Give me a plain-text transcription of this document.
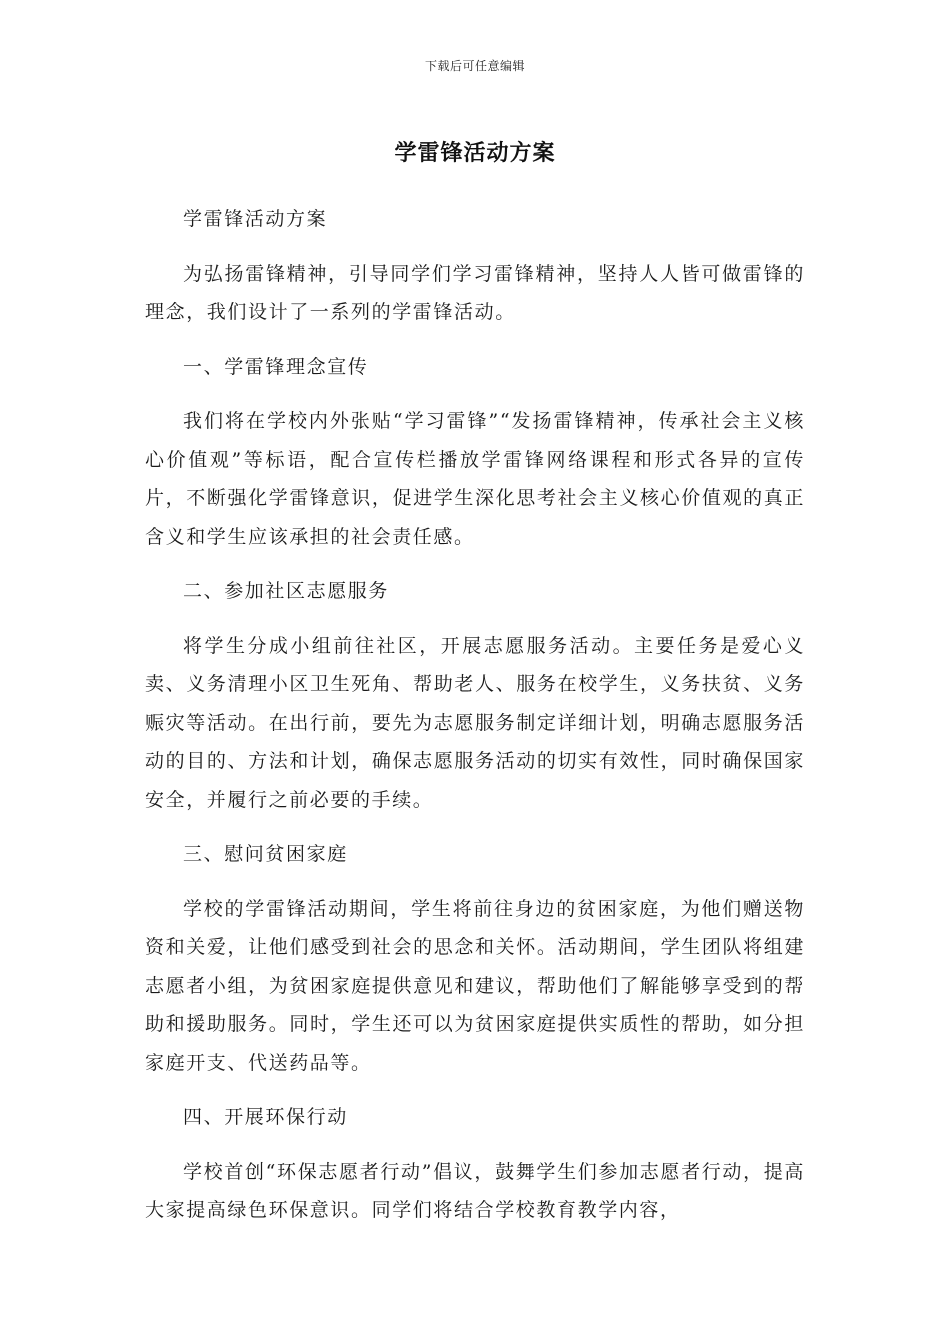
下载后可任意编辑
学雷锋活动方案

学雷锋活动方案

为弘扬雷锋精神，引导同学们学习雷锋精神，坚持人人皆可做雷锋的理念，我们设计了一系列的学雷锋活动。

一、学雷锋理念宣传

我们将在学校内外张贴“学习雷锋”“发扬雷锋精神，传承社会主义核心价值观”等标语，配合宣传栏播放学雷锋网络课程和形式各异的宣传片，不断强化学雷锋意识，促进学生深化思考社会主义核心价值观的真正含义和学生应该承担的社会责任感。

二、参加社区志愿服务

将学生分成小组前往社区，开展志愿服务活动。主要任务是爱心义卖、义务清理小区卫生死角、帮助老人、服务在校学生，义务扶贫、义务赈灾等活动。在出行前，要先为志愿服务制定详细计划，明确志愿服务活动的目的、方法和计划，确保志愿服务活动的切实有效性，同时确保国家安全，并履行之前必要的手续。

三、慰问贫困家庭

学校的学雷锋活动期间，学生将前往身边的贫困家庭，为他们赠送物资和关爱，让他们感受到社会的思念和关怀。活动期间，学生团队将组建志愿者小组，为贫困家庭提供意见和建议，帮助他们了解能够享受到的帮助和援助服务。同时，学生还可以为贫困家庭提供实质性的帮助，如分担家庭开支、代送药品等。

四、开展环保行动

学校首创“环保志愿者行动”倡议，鼓舞学生们参加志愿者行动，提高大家提高绿色环保意识。同学们将结合学校教育教学内容，
